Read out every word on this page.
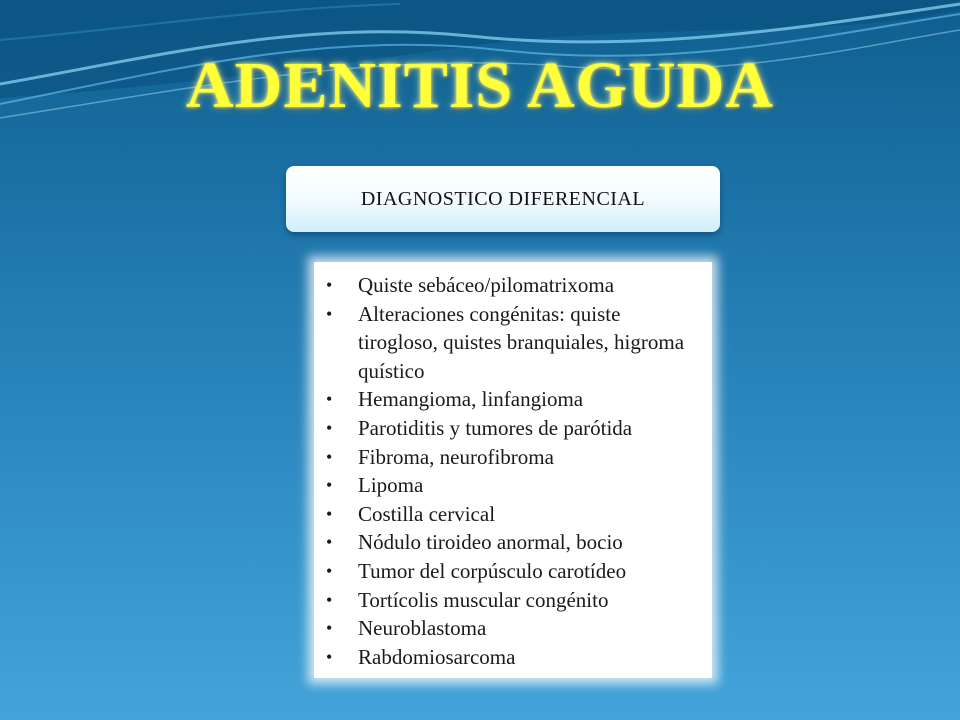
ADENITIS AGUDA
DIAGNOSTICO DIFERENCIAL
• Quiste sebáceo/pilomatrixoma
• Alteraciones congénitas: quiste tirogloso, quistes branquiales, higroma quístico
• Hemangioma, linfangioma
• Parotiditis y tumores de parótida
• Fibroma, neurofibroma
• Lipoma
• Costilla cervical
• Nódulo tiroideo anormal, bocio
• Tumor del corpúsculo carotídeo
• Tortícolis muscular congénito
• Neuroblastoma
• Rabdomiosarcoma
